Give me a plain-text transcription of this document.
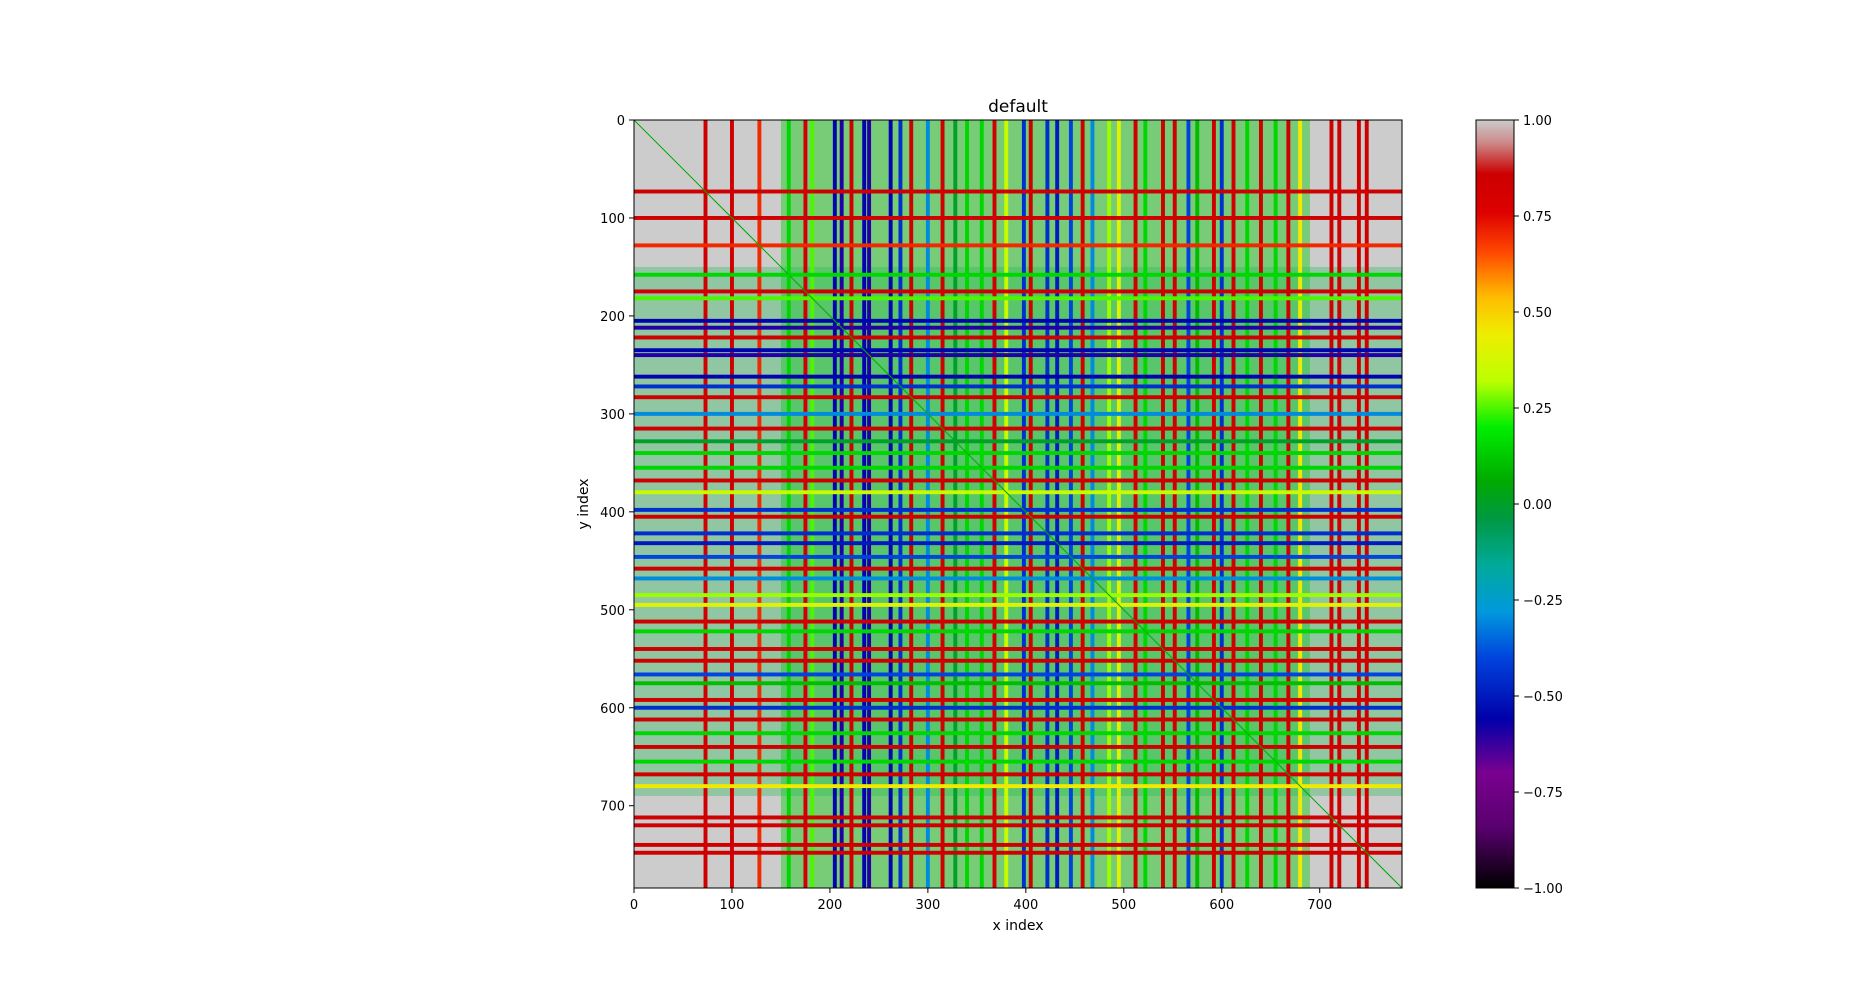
default
0	100	200	300	400	500	600	700
0
100
200
300
400
500
600
700
x index
y index
1.00
0.75
0.50
0.25
0.00
−0.25
−0.50
−0.75
−1.00
